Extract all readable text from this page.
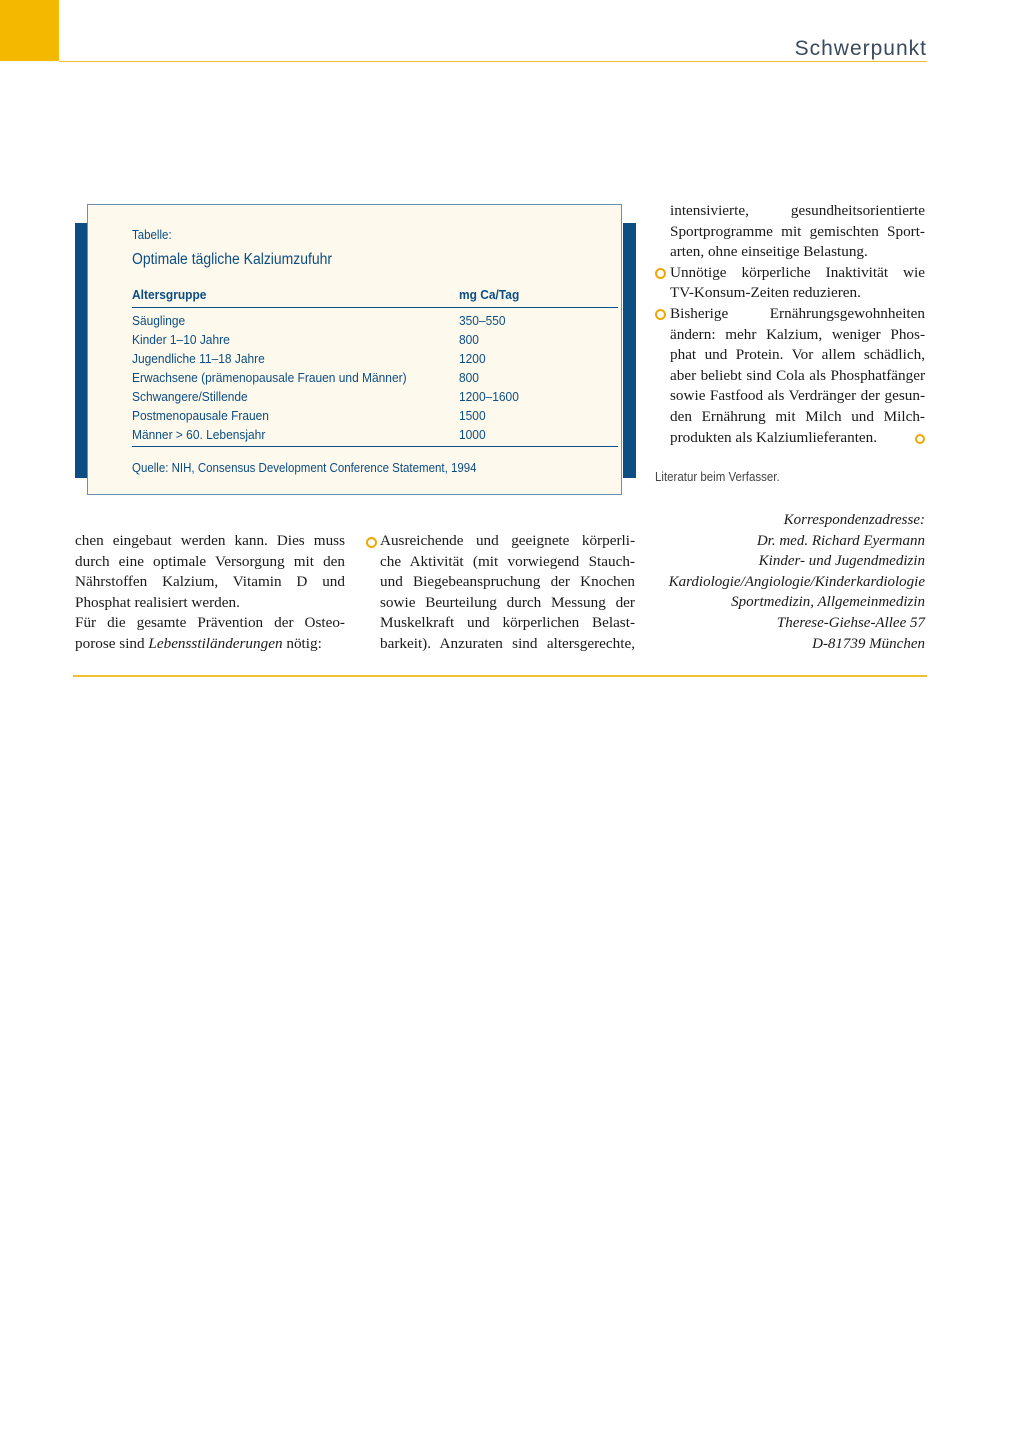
Schwerpunkt
Tabelle:
Optimale tägliche Kalziumzufuhr
Altersgruppe	mg Ca/Tag
Säuglinge	350–550
Kinder 1–10 Jahre	800
Jugendliche 11–18 Jahre	1200
Erwachsene (prämenopausale Frauen und Männer)	800
Schwangere/Stillende	1200–1600
Postmenopausale Frauen	1500
Männer > 60. Lebensjahr	1000
Quelle: NIH, Consensus Development Conference Statement, 1994
chen eingebaut werden kann. Dies muss
durch eine optimale Versorgung mit den
Nährstoffen Kalzium, Vitamin D und
Phosphat realisiert werden.
Für die gesamte Prävention der Osteo-
porose sind Lebensstiländerungen nötig:
Ausreichende und geeignete körperli-
che Aktivität (mit vorwiegend Stauch-
und Biegebeanspruchung der Knochen
sowie Beurteilung durch Messung der
Muskelkraft und körperlichen Belast-
barkeit). Anzuraten sind altersgerechte,
intensivierte, gesundheitsorientierte
Sportprogramme mit gemischten Sport-
arten, ohne einseitige Belastung.
Unnötige körperliche Inaktivität wie
TV-Konsum-Zeiten reduzieren.
Bisherige Ernährungsgewohnheiten
ändern: mehr Kalzium, weniger Phos-
phat und Protein. Vor allem schädlich,
aber beliebt sind Cola als Phosphatfänger
sowie Fastfood als Verdränger der gesun-
den Ernährung mit Milch und Milch-
produkten als Kalziumlieferanten.
Literatur beim Verfasser.
Korrespondenzadresse:
Dr. med. Richard Eyermann
Kinder- und Jugendmedizin
Kardiologie/Angiologie/Kinderkardiologie
Sportmedizin, Allgemeinmedizin
Therese-Giehse-Allee 57
D-81739 München
